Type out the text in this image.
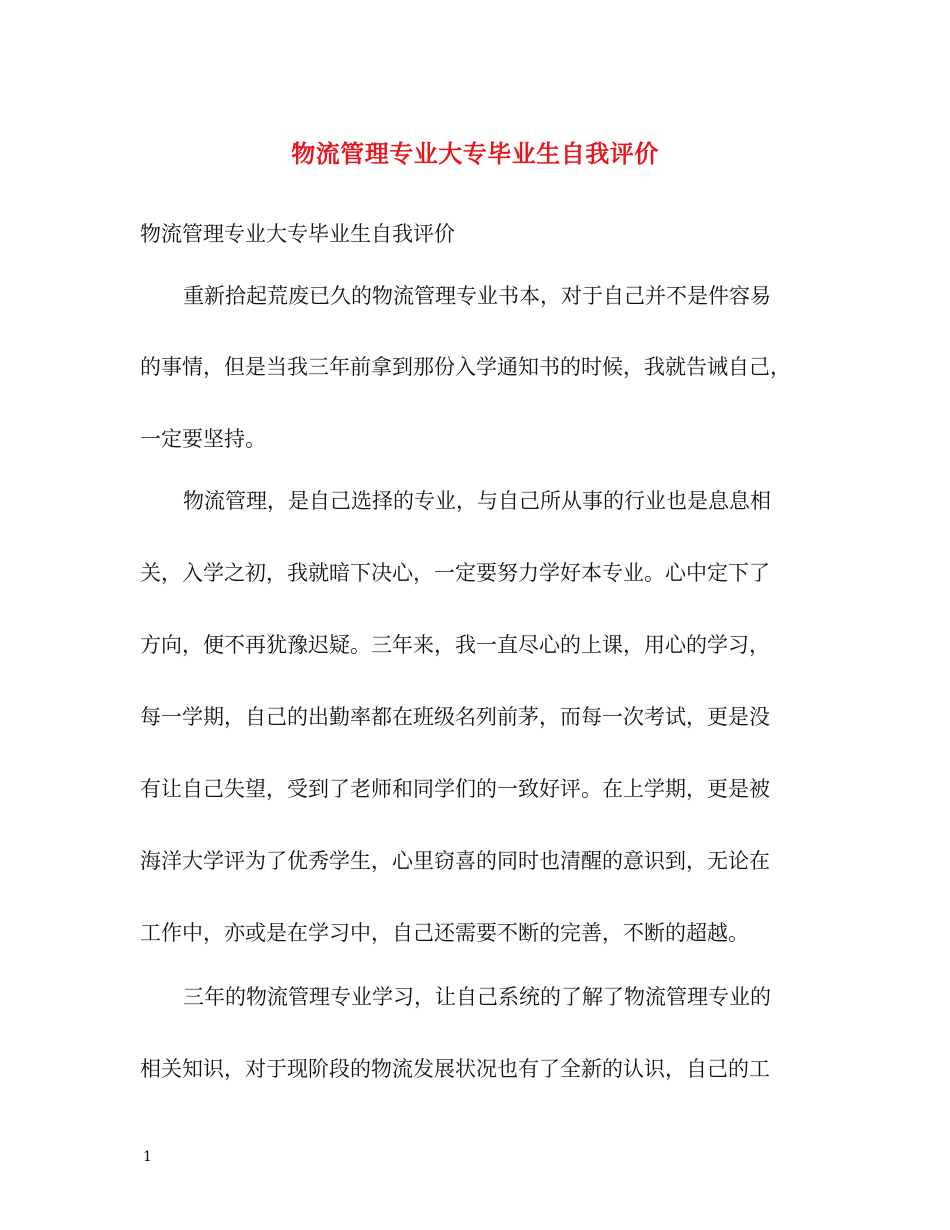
物流管理专业大专毕业生自我评价
物流管理专业大专毕业生自我评价
重新拾起荒废已久的物流管理专业书本，对于自己并不是件容易
的事情，但是当我三年前拿到那份入学通知书的时候，我就告诫自己，
一定要坚持。
物流管理，是自己选择的专业，与自己所从事的行业也是息息相
关，入学之初，我就暗下决心，一定要努力学好本专业。心中定下了
方向，便不再犹豫迟疑。三年来，我一直尽心的上课，用心的学习，
每一学期，自己的出勤率都在班级名列前茅，而每一次考试，更是没
有让自己失望，受到了老师和同学们的一致好评。在上学期，更是被
海洋大学评为了优秀学生，心里窃喜的同时也清醒的意识到，无论在
工作中，亦或是在学习中，自己还需要不断的完善，不断的超越。
三年的物流管理专业学习，让自己系统的了解了物流管理专业的
相关知识，对于现阶段的物流发展状况也有了全新的认识，自己的工
1
